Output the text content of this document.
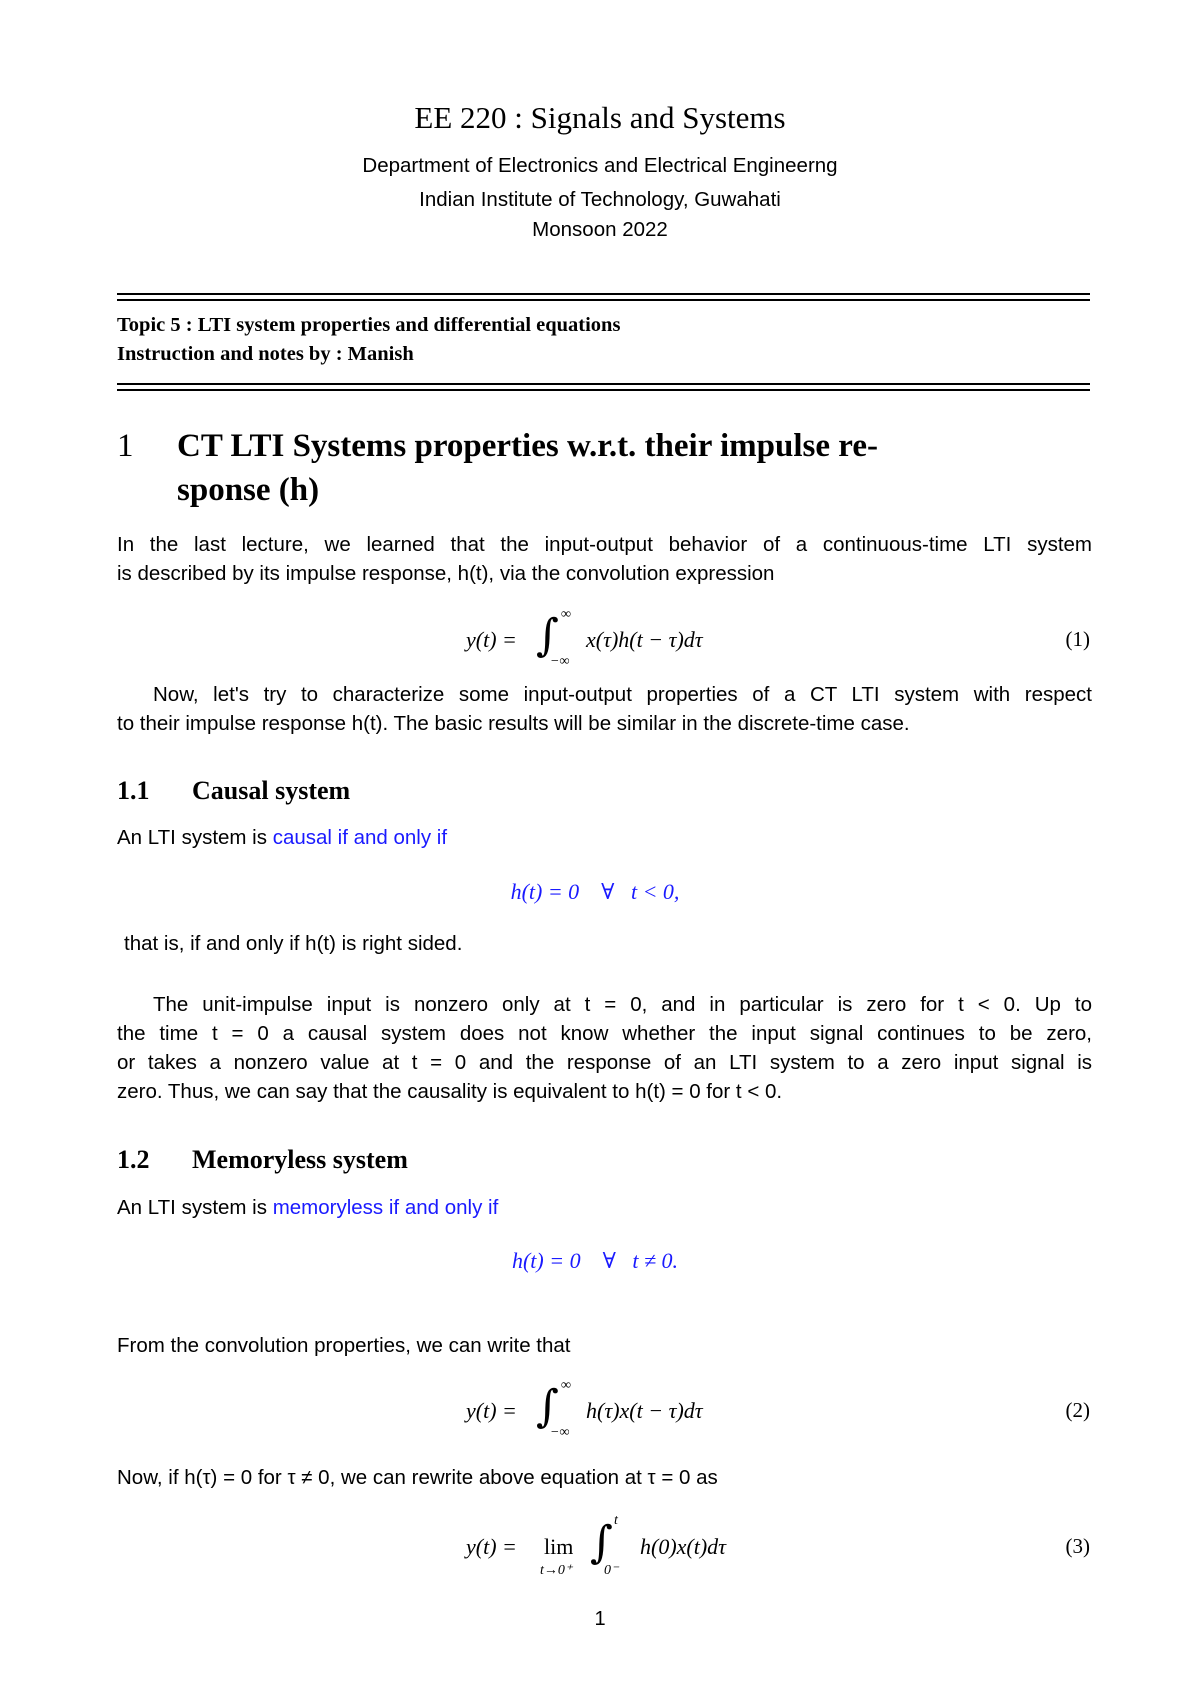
EE 220 : Signals and Systems
Department of Electronics and Electrical Engineerng
Indian Institute of Technology, Guwahati
Monsoon 2022
Topic 5 : LTI system properties and differential equations
Instruction and notes by : Manish
1 CT LTI Systems properties w.r.t. their impulse re-
sponse (h)
In the last lecture, we learned that the input-output behavior of a continuous-time LTI system
is described by its impulse response, h(t), via the convolution expression
y(t) = ∫ ∞
−∞
x(τ)h(t − τ)dτ	(1)
Now, let's try to characterize some input-output properties of a CT LTI system with respect
to their impulse response h(t). The basic results will be similar in the discrete-time case.
1.1 Causal system
An LTI system is causal if and only if
h(t) = 0    ∀   t < 0,
that is, if and only if h(t) is right sided.
The unit-impulse input is nonzero only at t = 0, and in particular is zero for t < 0. Up to
the time t = 0 a causal system does not know whether the input signal continues to be zero,
or takes a nonzero value at t = 0 and the response of an LTI system to a zero input signal is
zero. Thus, we can say that the causality is equivalent to h(t) = 0 for t < 0.
1.2 Memoryless system
An LTI system is memoryless if and only if
h(t) = 0    ∀   t ≠ 0.
From the convolution properties, we can write that
y(t) = ∫ ∞
−∞
h(τ)x(t − τ)dτ	(2)
Now, if h(τ) = 0 for τ ≠ 0, we can rewrite above equation at τ = 0 as
y(t) = lim
t→0⁺
∫ t
0⁻
h(0)x(t)dτ	(3)
1
